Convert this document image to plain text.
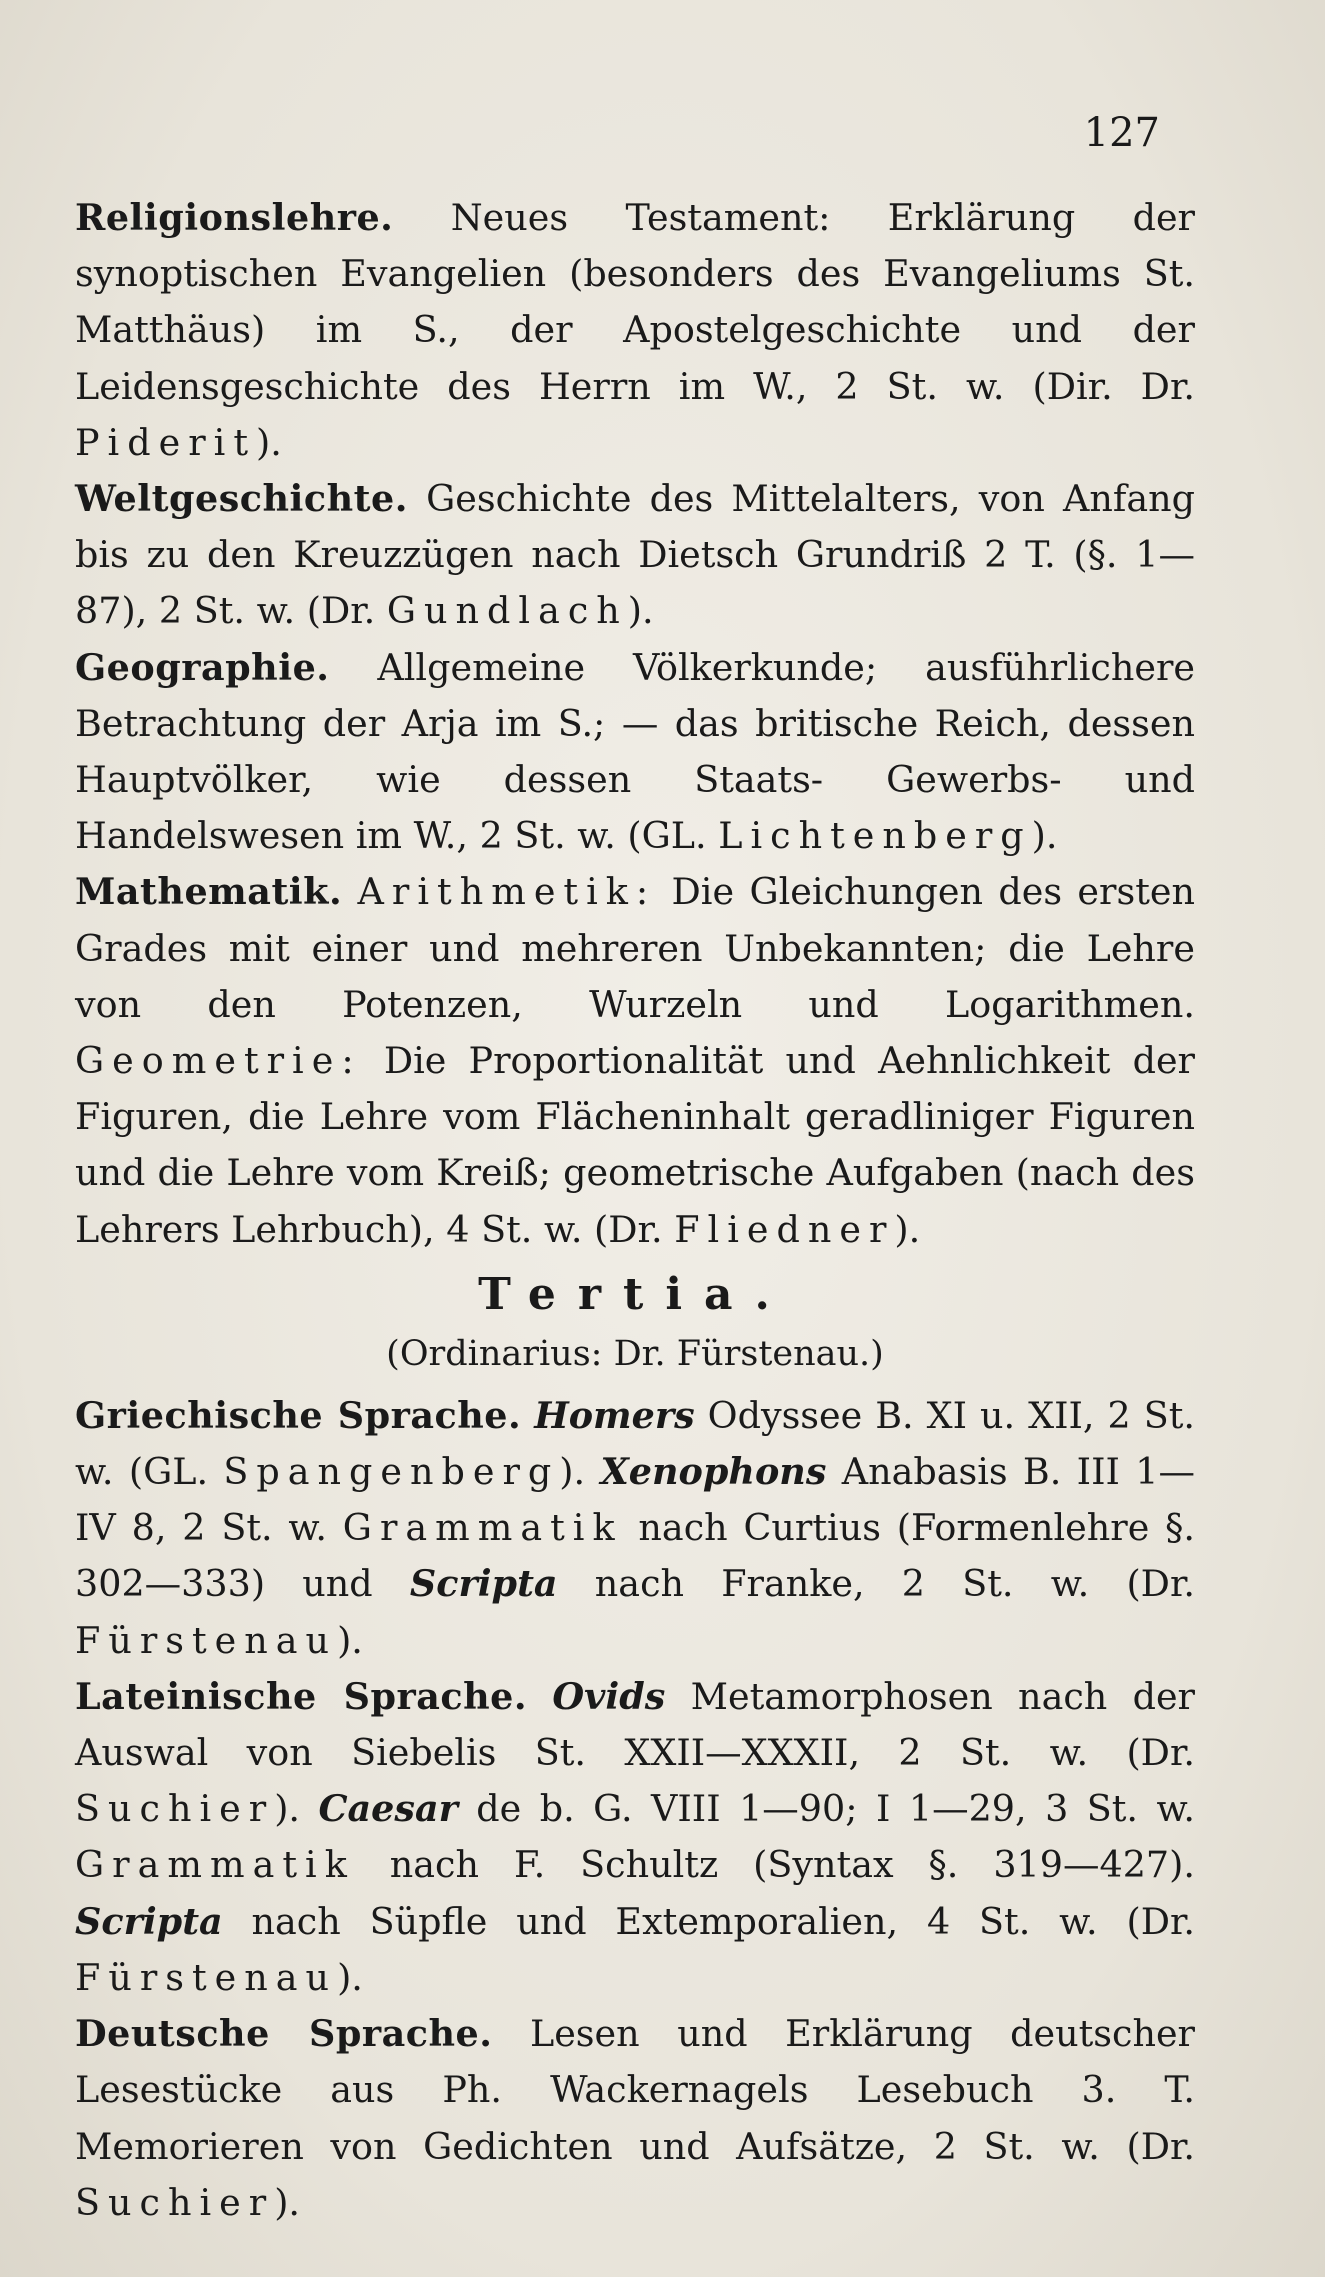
127

Religionslehre. Neues Testament: Erklärung der synoptischen Evangelien (besonders des Evangeliums St. Matthäus) im S., der Apostelgeschichte und der Leidensgeschichte des Herrn im W., 2 St. w. (Dir. Dr. Piderit).

Weltgeschichte. Geschichte des Mittelalters, von Anfang bis zu den Kreuzzügen nach Dietsch Grundriß 2 T. (§. 1—87), 2 St. w. (Dr. Gundlach).

Geographie. Allgemeine Völkerkunde; ausführlichere Betrachtung der Arja im S.; — das britische Reich, dessen Hauptvölker, wie dessen Staats- Gewerbs- und Handelswesen im W., 2 St. w. (GL. Lichtenberg).

Mathematik. Arithmetik: Die Gleichungen des ersten Grades mit einer und mehreren Unbekannten; die Lehre von den Potenzen, Wurzeln und Logarithmen. Geometrie: Die Proportionalität und Aehnlichkeit der Figuren, die Lehre vom Flächeninhalt geradliniger Figuren und die Lehre vom Kreiß; geometrische Aufgaben (nach des Lehrers Lehrbuch), 4 St. w. (Dr. Fliedner).

Tertia.
(Ordinarius: Dr. Fürstenau.)

Griechische Sprache. Homers Odyssee B. XI u. XII, 2 St. w. (GL. Spangenberg). Xenophons Anabasis B. III 1—IV 8, 2 St. w. Grammatik nach Curtius (Formenlehre §. 302—333) und Scripta nach Franke, 2 St. w. (Dr. Fürstenau).

Lateinische Sprache. Ovids Metamorphosen nach der Auswal von Siebelis St. XXII—XXXII, 2 St. w. (Dr. Suchier). Caesar de b. G. VIII 1—90; I 1—29, 3 St. w. Grammatik nach F. Schultz (Syntax §. 319—427). Scripta nach Süpfle und Extemporalien, 4 St. w. (Dr. Fürstenau).

Deutsche Sprache. Lesen und Erklärung deutscher Lesestücke aus Ph. Wackernagels Lesebuch 3. T. Memorieren von Gedichten und Aufsätze, 2 St. w. (Dr. Suchier).
